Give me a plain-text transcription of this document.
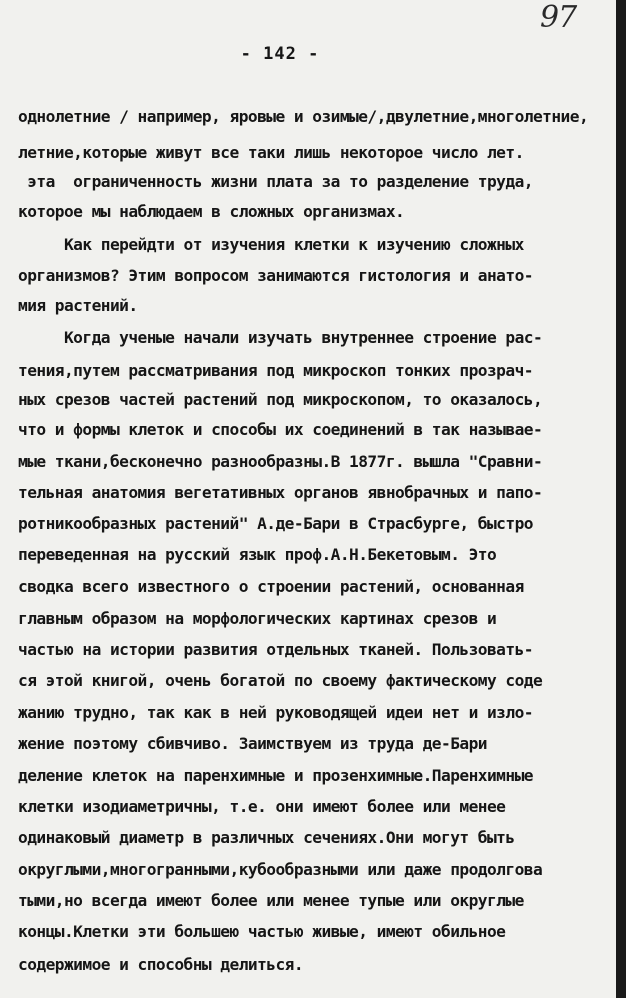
97
- 142 -
однолетние / например, яровые и озимые/,двулетние,многолетние,
летние,которые живут все таки лишь некоторое число лет.
эта  ограниченность жизни плата за то разделение труда,
которое мы наблюдаем в сложных организмах.
Как перейдти от изучения клетки к изучению сложных
организмов? Этим вопросом занимаются гистология и анато-
мия растений.
Когда ученые начали изучать внутреннее строение рас-
тения,путем рассматривания под микроскоп тонких прозрач-
ных срезов частей растений под микроскопом, то оказалось,
что и формы клеток и способы их соединений в так называе-
мые ткани,бесконечно разнообразны.В 1877г. вышла "Сравни-
тельная анатомия вегетативных органов явнобрачных и папо-
ротникообразных растений" А.де-Бари в Страсбурге, быстро
переведенная на русский язык проф.А.Н.Бекетовым. Это
сводка всего известного о строении растений, основанная
главным образом на морфологических картинах срезов и
частью на истории развития отдельных тканей. Пользовать-
ся этой книгой, очень богатой по своему фактическому соде
жанию трудно, так как в ней руководящей идеи нет и изло-
жение поэтому сбивчиво. Заимствуем из труда де-Бари
деление клеток на паренхимные и прозенхимные.Паренхимные
клетки изодиаметричны, т.е. они имеют более или менее
одинаковый диаметр в различных сечениях.Они могут быть
округлыми,многогранными,кубообразными или даже продолгова
тыми,но всегда имеют более или менее тупые или округлые
концы.Клетки эти большею частью живые, имеют обильное
содержимое и способны делиться.
